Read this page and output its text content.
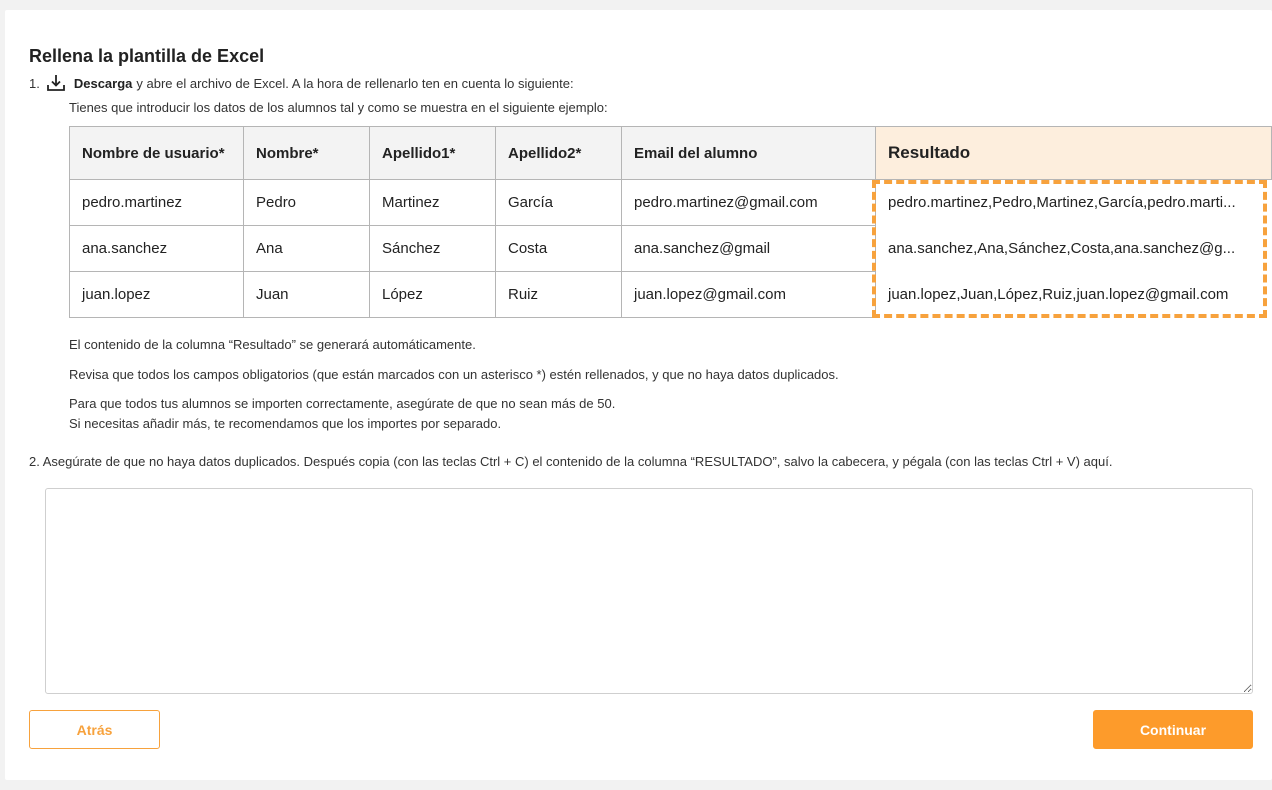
Rellena la plantilla de Excel
1.	Descarga y abre el archivo de Excel. A la hora de rellenarlo ten en cuenta lo siguiente:
Tienes que introducir los datos de los alumnos tal y como se muestra en el siguiente ejemplo:
Nombre de usuario*	Nombre*	Apellido1*	Apellido2*	Email del alumno	Resultado
pedro.martinez	Pedro	Martinez	García	pedro.martinez@gmail.com	pedro.martinez,Pedro,Martinez,García,pedro.marti...
ana.sanchez	Ana	Sánchez	Costa	ana.sanchez@gmail	ana.sanchez,Ana,Sánchez,Costa,ana.sanchez@g...
juan.lopez	Juan	López	Ruiz	juan.lopez@gmail.com	juan.lopez,Juan,López,Ruiz,juan.lopez@gmail.com
El contenido de la columna “Resultado” se generará automáticamente.
Revisa que todos los campos obligatorios (que están marcados con un asterisco *) estén rellenados, y que no haya datos duplicados.
Para que todos tus alumnos se importen correctamente, asegúrate de que no sean más de 50.
Si necesitas añadir más, te recomendamos que los importes por separado.
2. Asegúrate de que no haya datos duplicados. Después copia (con las teclas Ctrl + C) el contenido de la columna “RESULTADO”, salvo la cabecera, y pégala (con las teclas Ctrl + V) aquí.
Atrás	Continuar
